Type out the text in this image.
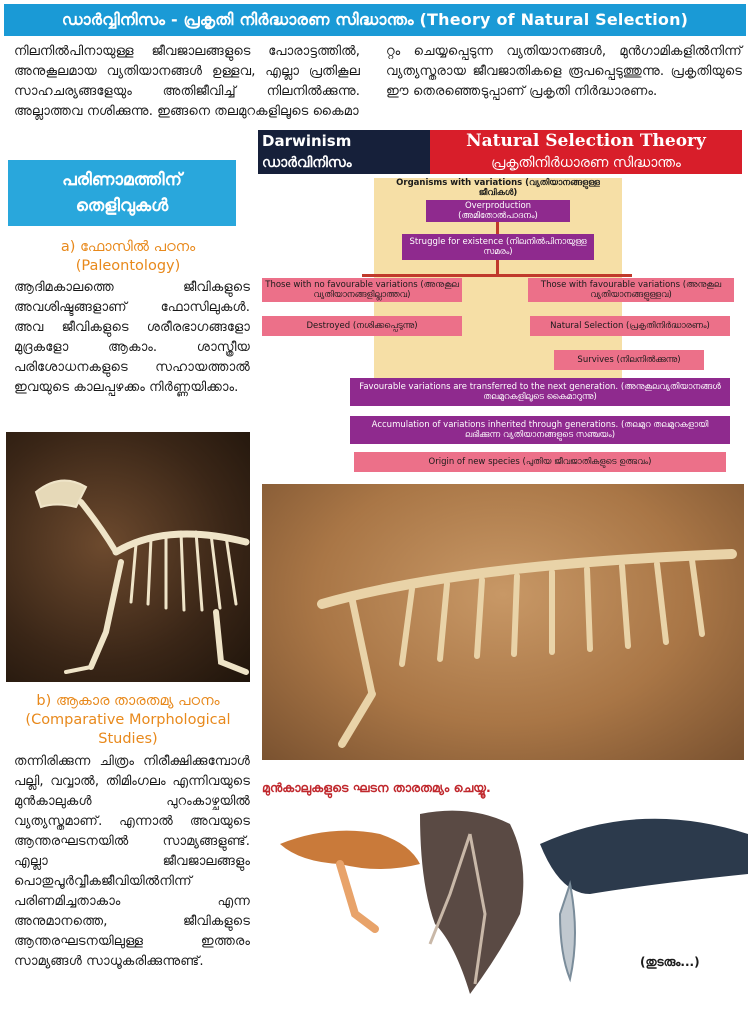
ഡാർവ്വിനിസം - പ്രകൃതി നിർദ്ധാരണ സിദ്ധാന്തം (Theory of Natural Selection)
നിലനിൽപിനായുള്ള ജീവജാലങ്ങളുടെ പോരാട്ടത്തിൽ, അനുകൂലമായ വ്യതിയാനങ്ങൾ ഉള്ളവ, എല്ലാ പ്രതികൂല സാഹചര്യങ്ങളേയും അതിജീവിച്ച് നിലനിൽക്കുന്നു. അല്ലാത്തവ നശിക്കുന്നു. ഇങ്ങനെ തലമുറകളിലൂടെ കൈമാ
റ്റം ചെയ്യപ്പെടുന്ന വ്യതിയാനങ്ങൾ, മുൻഗാമികളിൽനിന്ന് വ്യത്യസ്തരായ ജീവജാതികളെ രൂപപ്പെടുത്തുന്നു. പ്രകൃതിയുടെ ഈ തെരഞ്ഞെടുപ്പാണ് പ്രകൃതി നിർദ്ധാരണം.
പരിണാമത്തിന്
തെളിവുകൾ
a) ഫോസിൽ പഠനം
(Paleontology)
ആദിമകാലത്തെ ജീവികളുടെ അവശിഷ്ടങ്ങളാണ് ഫോസിലുകൾ. അവ ജീവികളുടെ ശരീരഭാഗങ്ങളോ മുദ്രകളോ ആകാം. ശാസ്ത്രീയ പരിശോധനകളുടെ സഹായത്താൽ ഇവയുടെ കാലപ്പഴക്കം നിർണ്ണയിക്കാം.
b) ആകാര താരതമ്യ പഠനം
(Comparative Morphological Studies)
തന്നിരിക്കുന്ന ചിത്രം നിരീക്ഷിക്കുമ്പോൾ പല്ലി, വവ്വാൽ, തിമിംഗലം എന്നിവയുടെ മുൻകാലുകൾ പുറംകാഴ്ചയിൽ വ്യത്യസ്തമാണ്. എന്നാൽ അവയുടെ ആന്തരഘടനയിൽ സാമ്യങ്ങളുണ്ട്. എല്ലാ ജീവജാലങ്ങളും പൊതുപൂർവ്വീകജീവിയിൽനിന്ന് പരിണമിച്ചതാകാം എന്ന അനുമാനത്തെ, ജീവികളുടെ ആന്തരഘടനയിലുള്ള ഇത്തരം സാമ്യങ്ങൾ സാധൂകരിക്കുന്നുണ്ട്.
Darwinism	Natural Selection Theory
ഡാർവിനിസം	പ്രകൃതിനിർധാരണ സിദ്ധാന്തം
Organisms with variations (വ്യതിയാനങ്ങളുള്ള ജീവികൾ)
Overproduction (അമിതോൽപാദനം)
Struggle for existence (നിലനിൽപിനായുള്ള സമരം)
Those with no favourable variations (അനുകൂല വ്യതിയാനങ്ങളില്ലാത്തവ)
Those with favourable variations (അനുകൂല വ്യതിയാനങ്ങളുള്ളവ)
Destroyed (നശിക്കപ്പെടുന്നു)	Natural Selection (പ്രകൃതിനിർദ്ധാരണം)
Survives (നിലനിൽക്കുന്നു)
Favourable variations are transferred to the next generation. (അനുകൂലവ്യതിയാനങ്ങൾ തലമുറകളിലൂടെ കൈമാറുന്നു)
Accumulation of variations inherited through generations. (തലമുറ തലമുറകളായി ലഭിക്കുന്ന വ്യതിയാനങ്ങളുടെ സഞ്ചയം)
Origin of new species (പുതിയ ജീവജാതികളുടെ ഉത്ഭവം)
മുൻകാലുകളുടെ ഘടന താരതമ്യം ചെയ്യൂ.
(തുടരും...)
